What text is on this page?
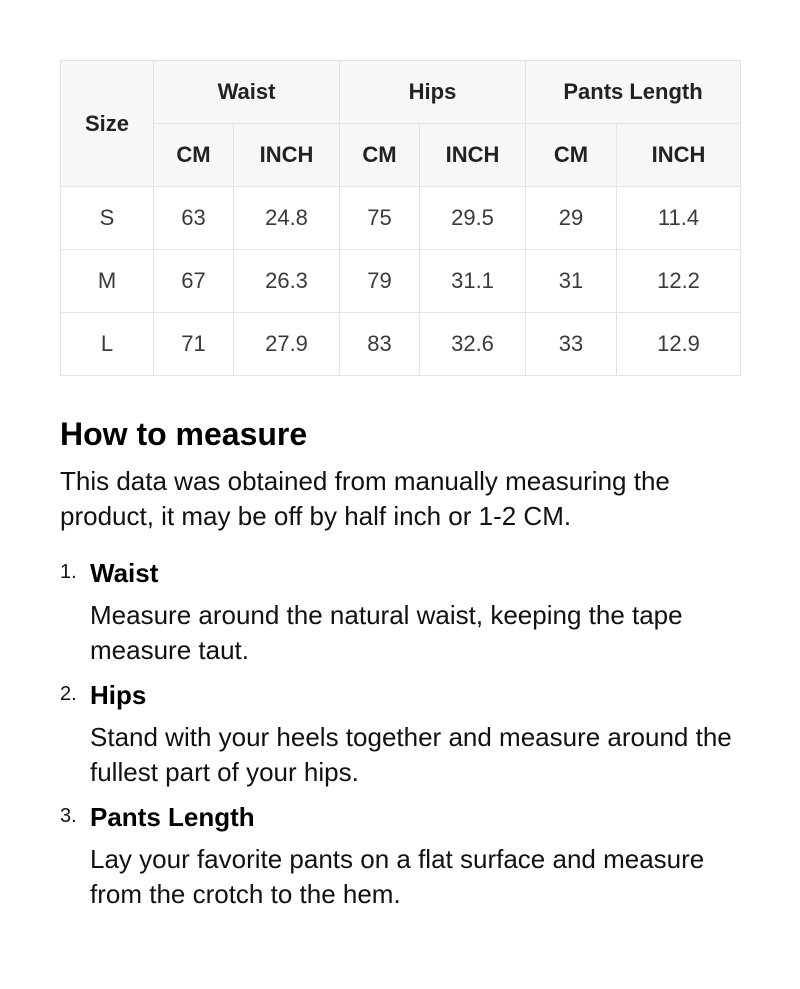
Size	Waist		Hips		Pants Length	
	CM	INCH	CM	INCH	CM	INCH
S	63	24.8	75	29.5	29	11.4
M	67	26.3	79	31.1	31	12.2
L	71	27.9	83	32.6	33	12.9
How to measure

This data was obtained from manually measuring the product, it may be off by half inch or 1-2 CM.

1. Waist
Measure around the natural waist, keeping the tape measure taut.
2. Hips
Stand with your heels together and measure around the fullest part of your hips.
3. Pants Length
Lay your favorite pants on a flat surface and measure from the crotch to the hem.
